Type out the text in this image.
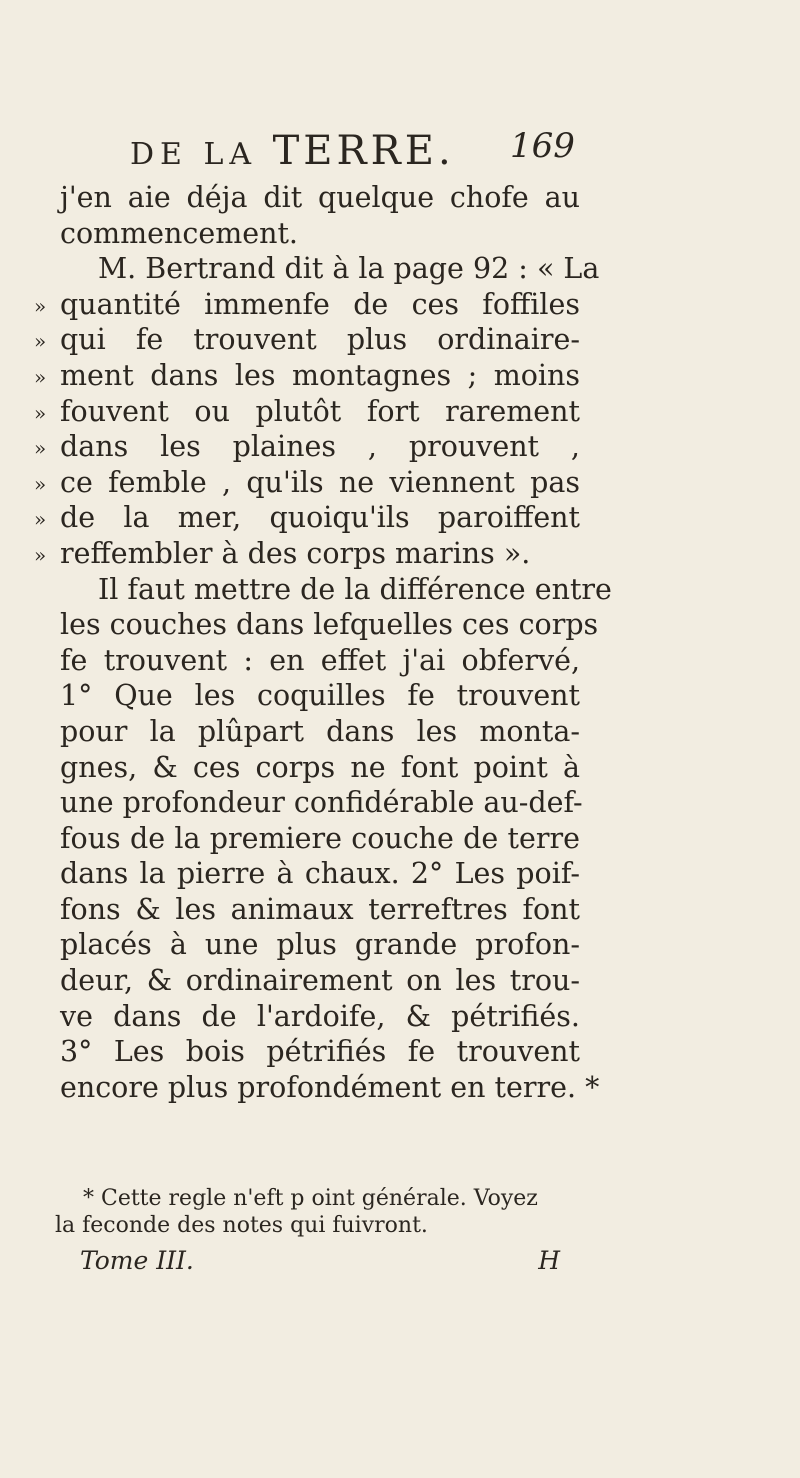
DE LA TERRE.	169
j'en aie déja dit quelque chofe au
commencement.
M. Bertrand dit à la page 92 : « La
» quantité immenfe de ces foffiles
» qui fe trouvent plus ordinaire-
» ment dans les montagnes ; moins
» fouvent ou plutôt fort rarement
» dans les plaines , prouvent ,
» ce femble , qu'ils ne viennent pas
» de la mer, quoiqu'ils paroiffent
» reffembler à des corps marins ».
Il faut mettre de la différence entre
les couches dans lefquelles ces corps
fe trouvent : en effet j'ai obfervé,
1° Que les coquilles fe trouvent
pour la plûpart dans les monta-
gnes, & ces corps ne font point à
une profondeur confidérable au-def-
fous de la premiere couche de terre
dans la pierre à chaux. 2° Les poif-
fons & les animaux terreftres font
placés à une plus grande profon-
deur, & ordinairement on les trou-
ve dans de l'ardoife, & pétrifiés.
3° Les bois pétrifiés fe trouvent
encore plus profondément en terre. *
* Cette regle n'eft p oint générale. Voyez
la feconde des notes qui fuivront.
Tome III.	H
